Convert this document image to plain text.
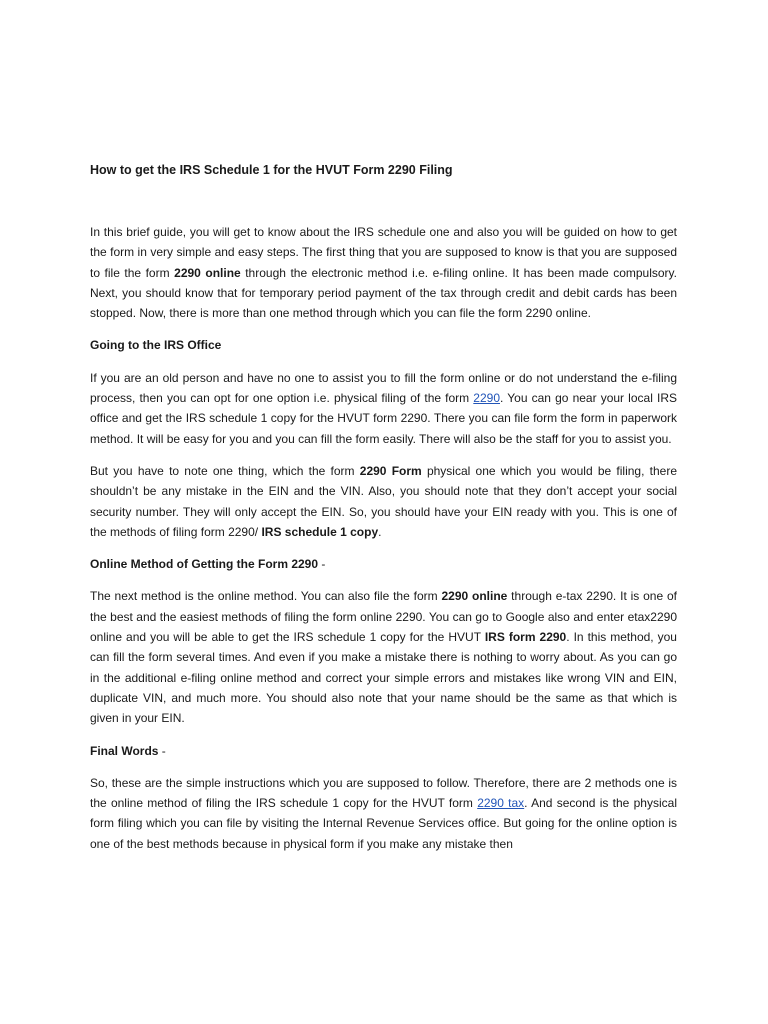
How to get the IRS Schedule 1 for the HVUT Form 2290 Filing

In this brief guide, you will get to know about the IRS schedule one and also you will be guided on how to get the form in very simple and easy steps. The first thing that you are supposed to know is that you are supposed to file the form 2290 online through the electronic method i.e. e-filing online. It has been made compulsory. Next, you should know that for temporary period payment of the tax through credit and debit cards has been stopped. Now, there is more than one method through which you can file the form 2290 online.

Going to the IRS Office

If you are an old person and have no one to assist you to fill the form online or do not understand the e-filing process, then you can opt for one option i.e. physical filing of the form 2290. You can go near your local IRS office and get the IRS schedule 1 copy for the HVUT form 2290. There you can file form the form in paperwork method. It will be easy for you and you can fill the form easily. There will also be the staff for you to assist you.

But you have to note one thing, which the form 2290 Form physical one which you would be filing, there shouldn’t be any mistake in the EIN and the VIN. Also, you should note that they don’t accept your social security number. They will only accept the EIN. So, you should have your EIN ready with you. This is one of the methods of filing form 2290/ IRS schedule 1 copy.

Online Method of Getting the Form 2290 -

The next method is the online method. You can also file the form 2290 online through e-tax 2290. It is one of the best and the easiest methods of filing the form online 2290. You can go to Google also and enter etax2290 online and you will be able to get the IRS schedule 1 copy for the HVUT IRS form 2290. In this method, you can fill the form several times. And even if you make a mistake there is nothing to worry about. As you can go in the additional e-filing online method and correct your simple errors and mistakes like wrong VIN and EIN, duplicate VIN, and much more. You should also note that your name should be the same as that which is given in your EIN.

Final Words -

So, these are the simple instructions which you are supposed to follow. Therefore, there are 2 methods one is the online method of filing the IRS schedule 1 copy for the HVUT form 2290 tax. And second is the physical form filing which you can file by visiting the Internal Revenue Services office. But going for the online option is one of the best methods because in physical form if you make any mistake then
